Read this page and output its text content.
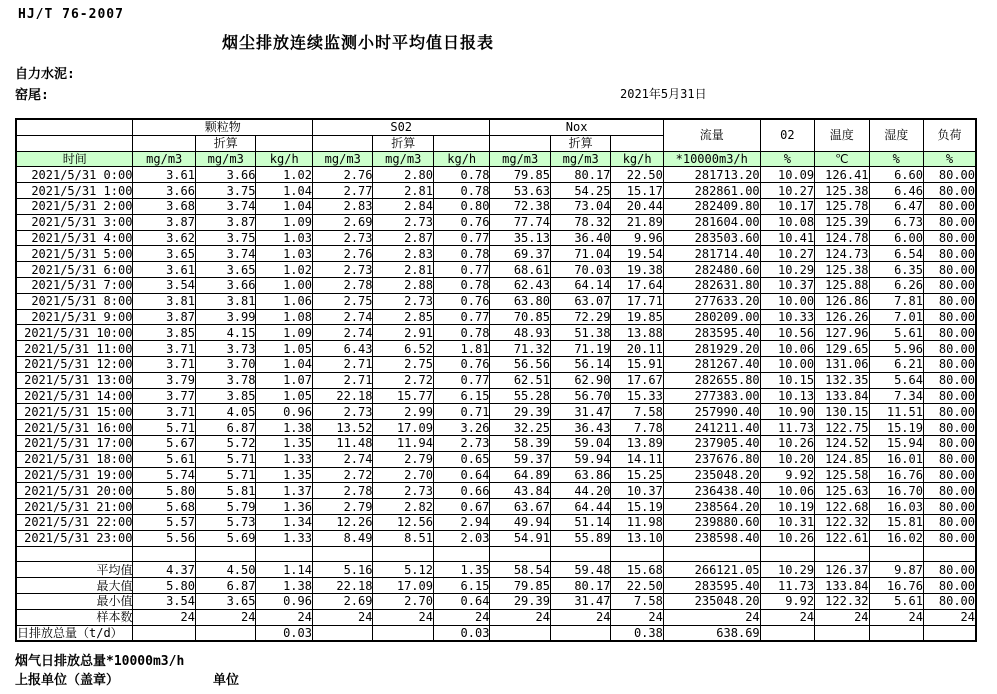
HJ/T 76-2007
烟尘排放连续监测小时平均值日报表
自力水泥:
窑尾:	2021年5月31日
	颗粒物			S02			Nox			流量	02	温度	湿度	负荷
		折算			折算			折算						
时间	mg/m3	mg/m3	kg/h	mg/m3	mg/m3	kg/h	mg/m3	mg/m3	kg/h	*10000m3/h	%	℃	%	%
2021/5/31 0:00	3.61	3.66	1.02	2.76	2.80	0.78	79.85	80.17	22.50	281713.20	10.09	126.41	6.60	80.00
2021/5/31 1:00	3.66	3.75	1.04	2.77	2.81	0.78	53.63	54.25	15.17	282861.00	10.27	125.38	6.46	80.00
2021/5/31 2:00	3.68	3.74	1.04	2.83	2.84	0.80	72.38	73.04	20.44	282409.80	10.17	125.78	6.47	80.00
2021/5/31 3:00	3.87	3.87	1.09	2.69	2.73	0.76	77.74	78.32	21.89	281604.00	10.08	125.39	6.73	80.00
2021/5/31 4:00	3.62	3.75	1.03	2.73	2.87	0.77	35.13	36.40	9.96	283503.60	10.41	124.78	6.00	80.00
2021/5/31 5:00	3.65	3.74	1.03	2.76	2.83	0.78	69.37	71.04	19.54	281714.40	10.27	124.73	6.54	80.00
2021/5/31 6:00	3.61	3.65	1.02	2.73	2.81	0.77	68.61	70.03	19.38	282480.60	10.29	125.38	6.35	80.00
2021/5/31 7:00	3.54	3.66	1.00	2.78	2.88	0.78	62.43	64.14	17.64	282631.80	10.37	125.88	6.26	80.00
2021/5/31 8:00	3.81	3.81	1.06	2.75	2.73	0.76	63.80	63.07	17.71	277633.20	10.00	126.86	7.81	80.00
2021/5/31 9:00	3.87	3.99	1.08	2.74	2.85	0.77	70.85	72.29	19.85	280209.00	10.33	126.26	7.01	80.00
2021/5/31 10:00	3.85	4.15	1.09	2.74	2.91	0.78	48.93	51.38	13.88	283595.40	10.56	127.96	5.61	80.00
2021/5/31 11:00	3.71	3.73	1.05	6.43	6.52	1.81	71.32	71.19	20.11	281929.20	10.06	129.65	5.96	80.00
2021/5/31 12:00	3.71	3.70	1.04	2.71	2.75	0.76	56.56	56.14	15.91	281267.40	10.00	131.06	6.21	80.00
2021/5/31 13:00	3.79	3.78	1.07	2.71	2.72	0.77	62.51	62.90	17.67	282655.80	10.15	132.35	5.64	80.00
2021/5/31 14:00	3.77	3.85	1.05	22.18	15.77	6.15	55.28	56.70	15.33	277383.00	10.13	133.84	7.34	80.00
2021/5/31 15:00	3.71	4.05	0.96	2.73	2.99	0.71	29.39	31.47	7.58	257990.40	10.90	130.15	11.51	80.00
2021/5/31 16:00	5.71	6.87	1.38	13.52	17.09	3.26	32.25	36.43	7.78	241211.40	11.73	122.75	15.19	80.00
2021/5/31 17:00	5.67	5.72	1.35	11.48	11.94	2.73	58.39	59.04	13.89	237905.40	10.26	124.52	15.94	80.00
2021/5/31 18:00	5.61	5.71	1.33	2.74	2.79	0.65	59.37	59.94	14.11	237676.80	10.20	124.85	16.01	80.00
2021/5/31 19:00	5.74	5.71	1.35	2.72	2.70	0.64	64.89	63.86	15.25	235048.20	9.92	125.58	16.76	80.00
2021/5/31 20:00	5.80	5.81	1.37	2.78	2.73	0.66	43.84	44.20	10.37	236438.40	10.06	125.63	16.70	80.00
2021/5/31 21:00	5.68	5.79	1.36	2.79	2.82	0.67	63.67	64.44	15.19	238564.20	10.19	122.68	16.03	80.00
2021/5/31 22:00	5.57	5.73	1.34	12.26	12.56	2.94	49.94	51.14	11.98	239880.60	10.31	122.32	15.81	80.00
2021/5/31 23:00	5.56	5.69	1.33	8.49	8.51	2.03	54.91	55.89	13.10	238598.40	10.26	122.61	16.02	80.00

平均值	4.37	4.50	1.14	5.16	5.12	1.35	58.54	59.48	15.68	266121.05	10.29	126.37	9.87	80.00
最大值	5.80	6.87	1.38	22.18	17.09	6.15	79.85	80.17	22.50	283595.40	11.73	133.84	16.76	80.00
最小值	3.54	3.65	0.96	2.69	2.70	0.64	29.39	31.47	7.58	235048.20	9.92	122.32	5.61	80.00
样本数	24	24	24	24	24	24	24	24	24	24	24	24	24	24
日排放总量（t/d）			0.03			0.03			0.38	638.69				
烟气日排放总量*10000m3/h
上报单位（盖章）	单位
